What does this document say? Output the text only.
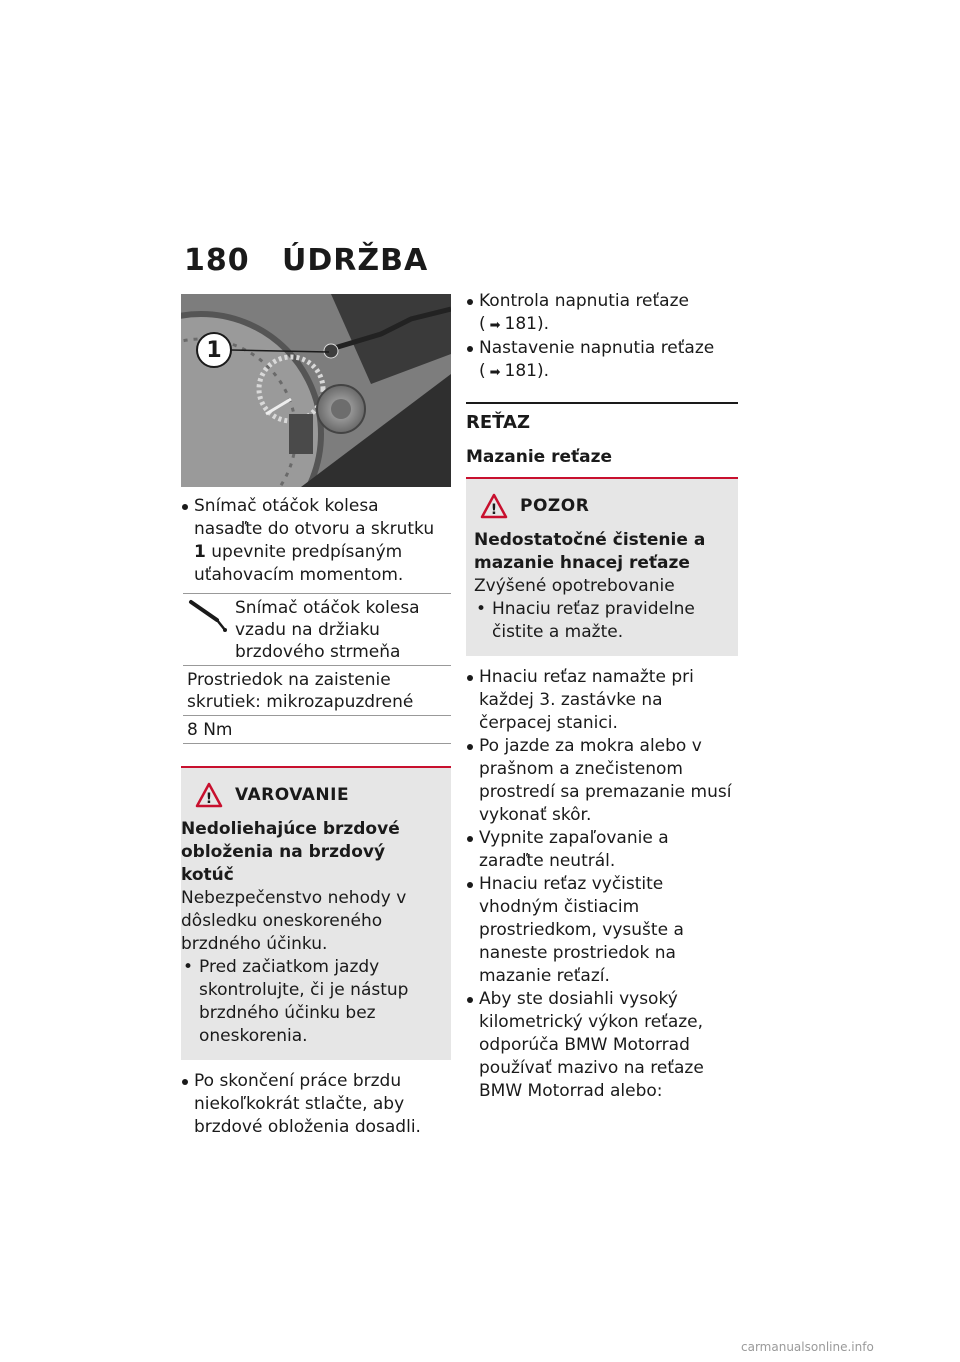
180 ÚDRŽBA
1
Snímač otáčok kolesa nasaďte do otvoru a skrutku 1 upevnite predpísaným uťahovacím momentom.
Snímač otáčok kolesa vzadu na držiaku brzdového strmeňa
Prostriedok na zaistenie skrutiek: mikrozapuzdrené
8 Nm
! VAROVANIE
Nedoliehajúce brzdové obloženia na brzdový kotúč
Nebezpečenstvo nehody v dôsledku oneskoreného brzdného účinku.
• Pred začiatkom jazdy skontrolujte, či je nástup brzdného účinku bez oneskorenia.
Po skončení práce brzdu niekoľkokrát stlačte, aby brzdové obloženia dosadli.
Kontrola napnutia reťaze
( ➡ 181).
Nastavenie napnutia reťaze
( ➡ 181).
REŤAZ
Mazanie reťaze
! POZOR
Nedostatočné čistenie a mazanie hnacej reťaze
Zvýšené opotrebovanie
• Hnaciu reťaz pravidelne čistite a mažte.
Hnaciu reťaz namažte pri každej 3. zastávke na čerpacej stanici.
Po jazde za mokra alebo v prašnom a znečistenom prostredí sa premazanie musí vykonať skôr.
Vypnite zapaľovanie a zaraďte neutrál.
Hnaciu reťaz vyčistite vhodným čistiacim prostriedkom, vysušte a naneste prostriedok na mazanie reťazí.
Aby ste dosiahli vysoký kilometrický výkon reťaze, odporúča BMW Motorrad používať mazivo na reťaze BMW Motorrad alebo:
carmanualsonline.info
